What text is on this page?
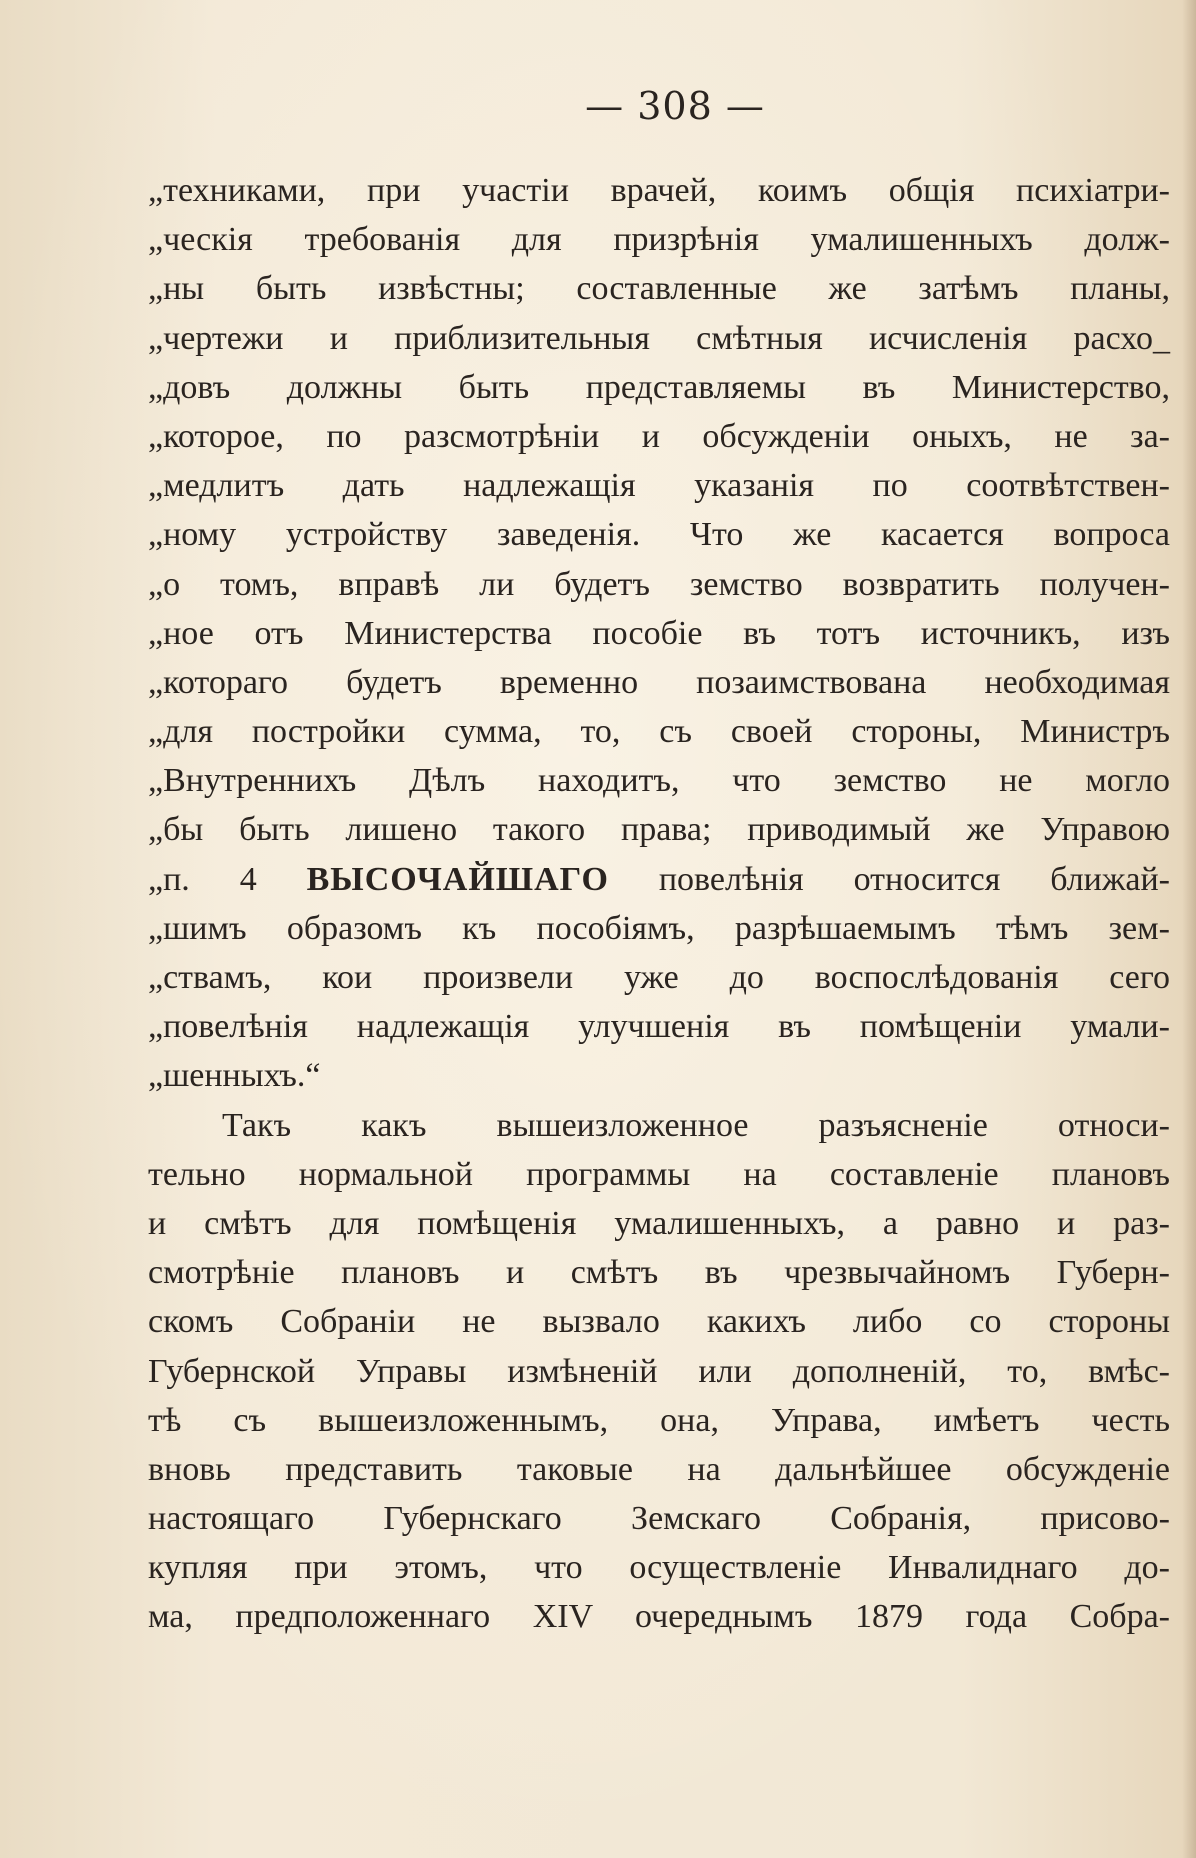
— 308 —
„техниками, при участіи врачей, коимъ общія психіатри-
„ческія требованія для призрѣнія умалишенныхъ долж-
„ны быть извѣстны; составленные же затѣмъ планы,
„чертежи и приблизительныя смѣтныя исчисленія расхо_
„довъ должны быть представляемы въ Министерство,
„которое, по разсмотрѣніи и обсужденіи оныхъ, не за-
„медлитъ дать надлежащія указанія по соотвѣтствен-
„ному устройству заведенія. Что же касается вопроса
„о томъ, вправѣ ли будетъ земство возвратить получен-
„ное отъ Министерства пособіе въ тотъ источникъ, изъ
„котораго будетъ временно позаимствована необходимая
„для постройки сумма, то, съ своей стороны, Министръ
„Внутреннихъ Дѣлъ находитъ, что земство не могло
„бы быть лишено такого права; приводимый же Управою
„п. 4 ВЫСОЧАЙШАГО повелѣнія относится ближай-
„шимъ образомъ къ пособіямъ, разрѣшаемымъ тѣмъ зем-
„ствамъ, кои произвели уже до воспослѣдованія сего
„повелѣнія надлежащія улучшенія въ помѣщеніи умали-
„шенныхъ.“
Такъ какъ вышеизложенное разъясненіе относи-
тельно нормальной программы на составленіе плановъ
и смѣтъ для помѣщенія умалишенныхъ, а равно и раз-
смотрѣніе плановъ и смѣтъ въ чрезвычайномъ Губерн-
скомъ Собраніи не вызвало какихъ либо со стороны
Губернской Управы измѣненій или дополненій, то, вмѣс-
тѣ съ вышеизложеннымъ, она, Управа, имѣетъ честь
вновь представить таковые на дальнѣйшее обсужденіе
настоящаго Губернскаго Земскаго Собранія, присово-
купляя при этомъ, что осуществленіе Инвалиднаго до-
ма, предположеннаго XIV очереднымъ 1879 года Собра-
